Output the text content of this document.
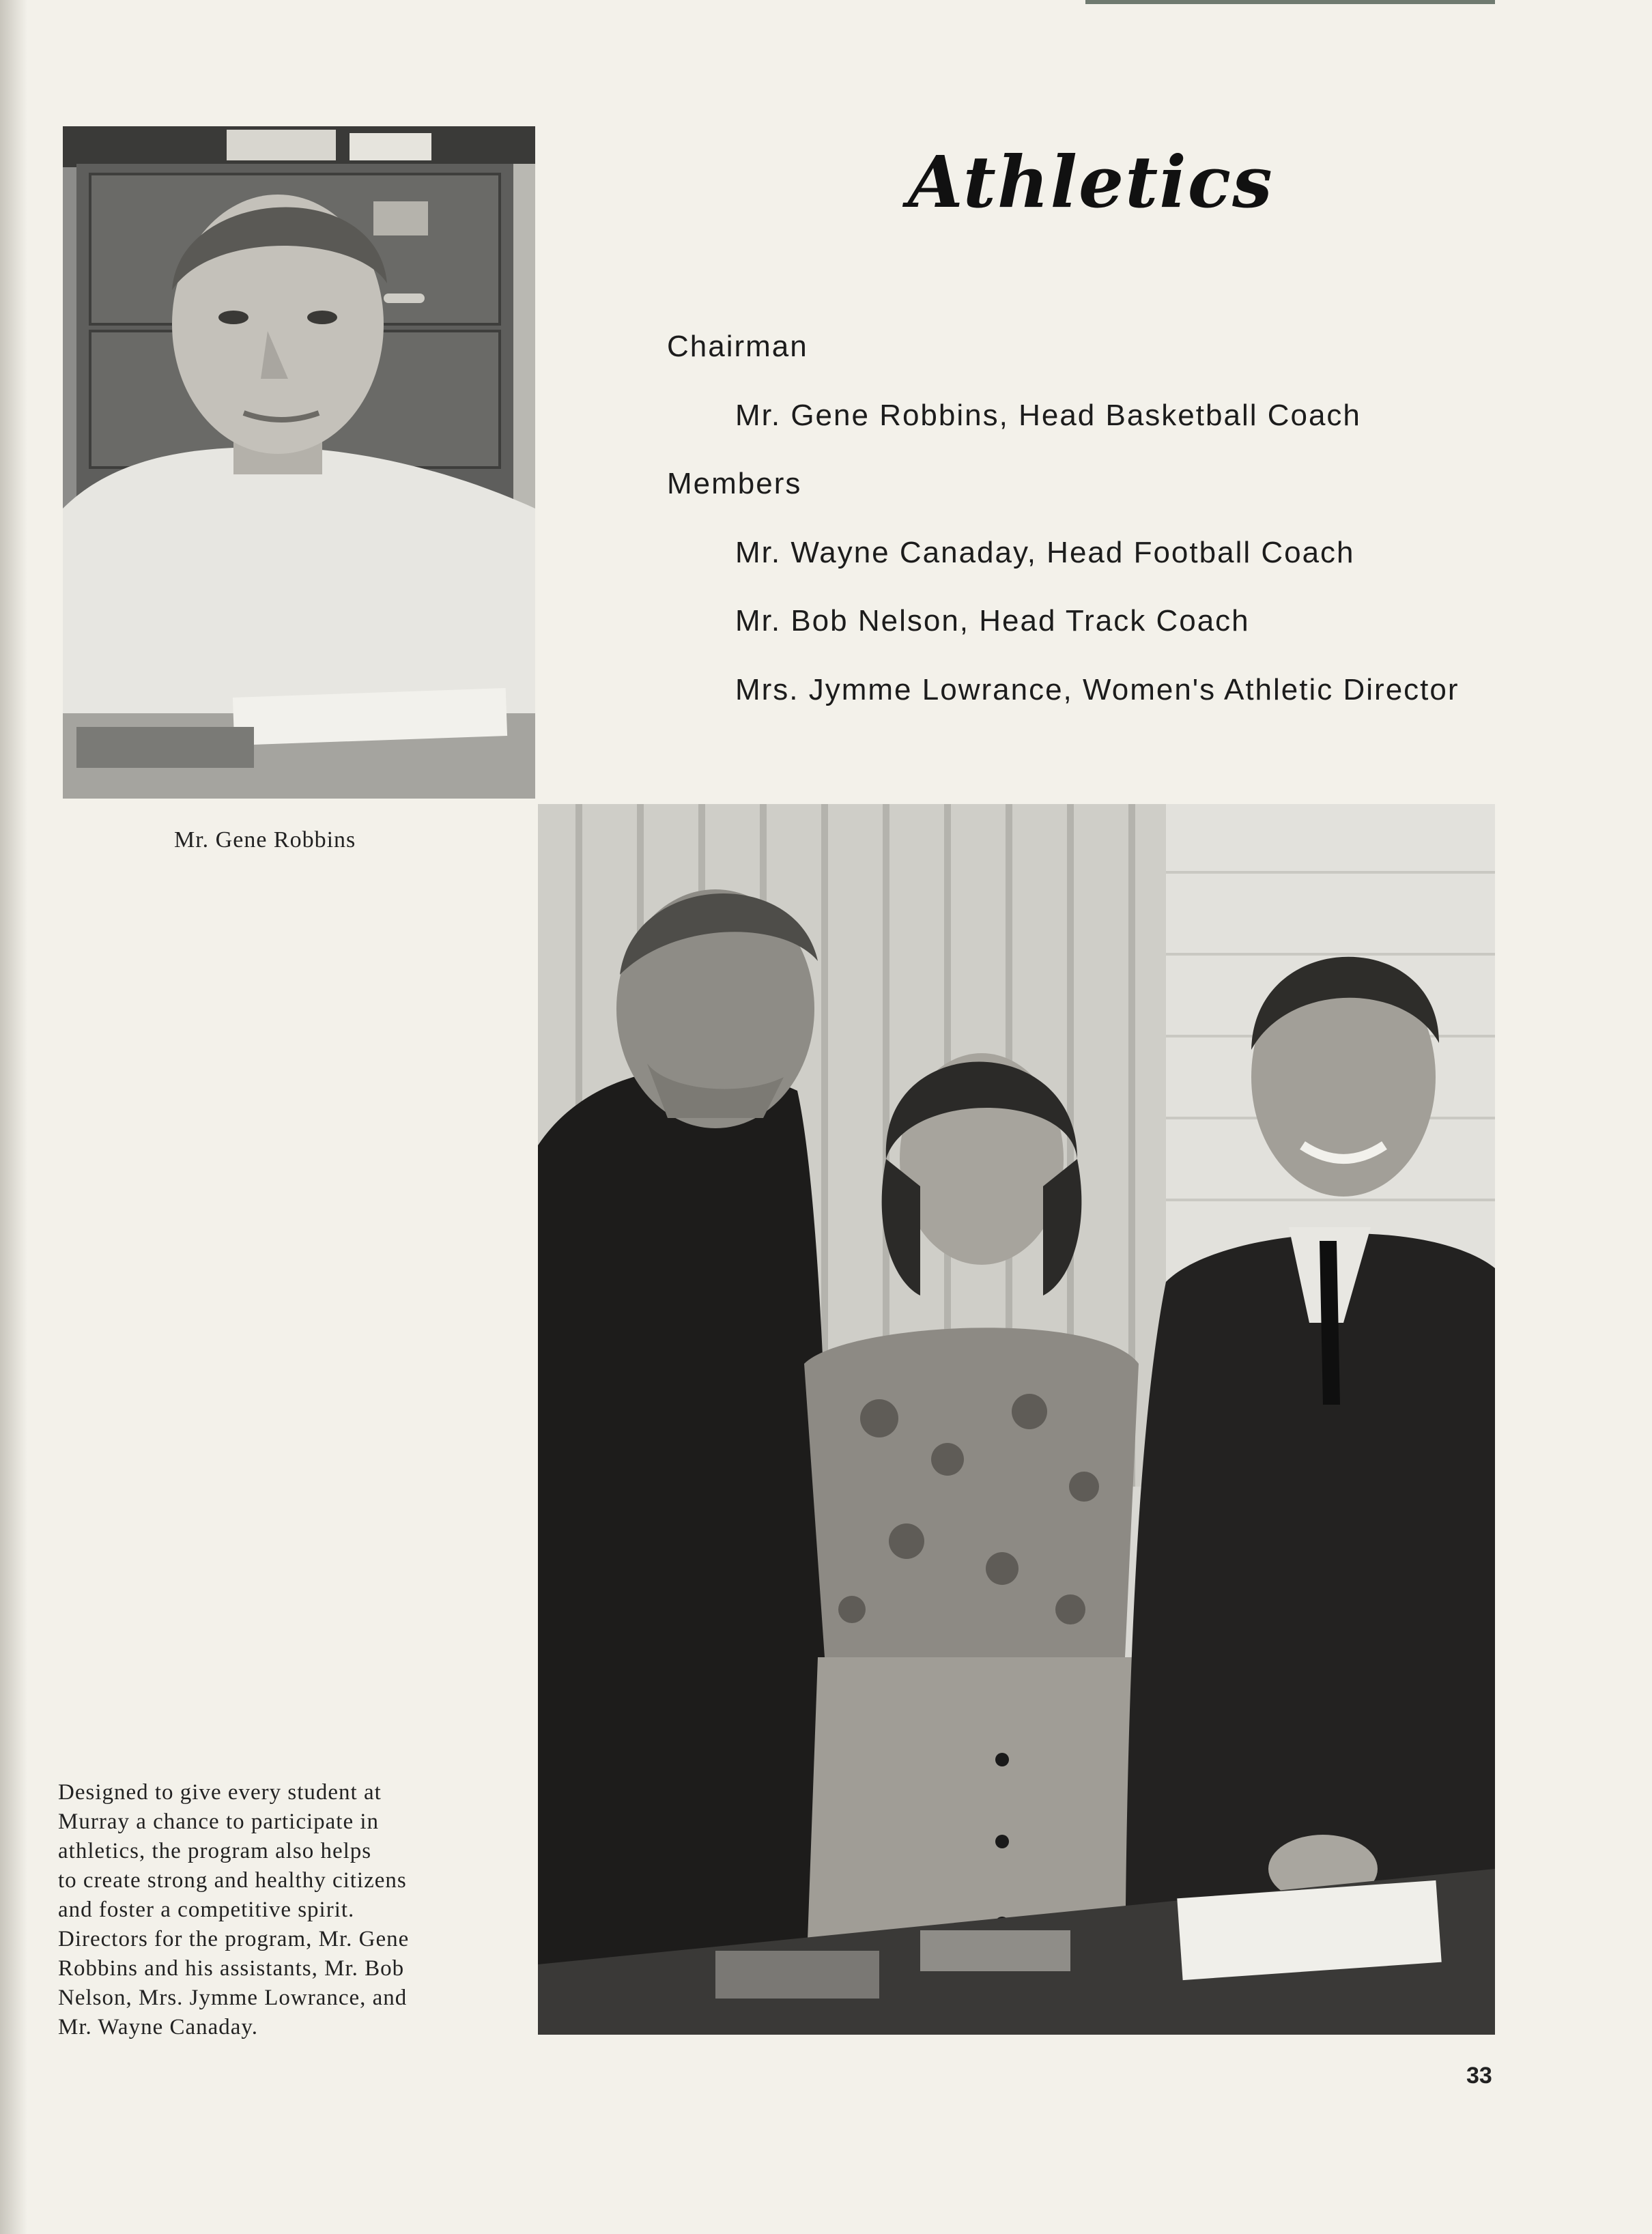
Athletics
Chairman
Mr. Gene Robbins, Head Basketball Coach
Members
Mr. Wayne Canaday, Head Football Coach
Mr. Bob Nelson, Head Track Coach
Mrs. Jymme Lowrance, Women's Athletic Director
Mr. Gene Robbins
Designed to give every student at
Murray a chance to participate in
athletics, the program also helps
to create strong and healthy citizens
and foster a competitive spirit.
Directors for the program, Mr. Gene
Robbins and his assistants, Mr. Bob
Nelson, Mrs. Jymme Lowrance, and
Mr. Wayne Canaday.
33
